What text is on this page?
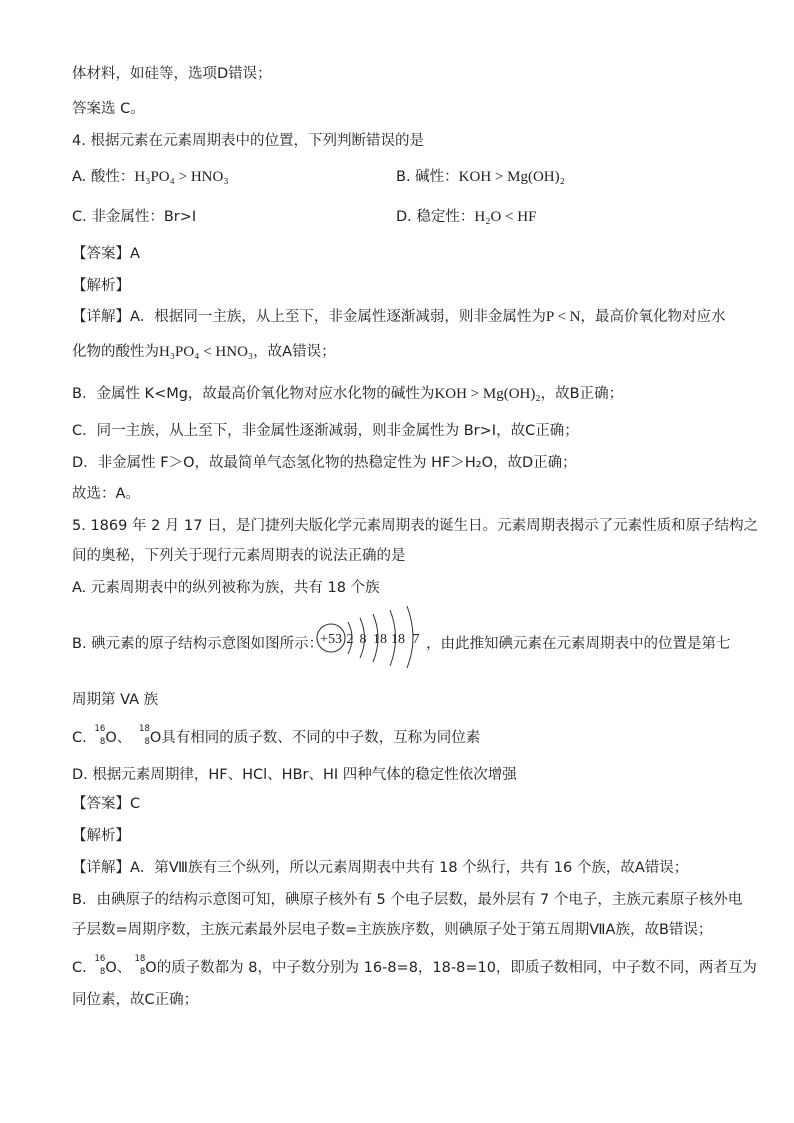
体材料，如硅等，选项D错误；
答案选 C。
4. 根据元素在元素周期表中的位置，下列判断错误的是
A. 酸性：H₃PO₄ > HNO₃	B. 碱性：KOH > Mg(OH)₂
C. 非金属性：Br>I	D. 稳定性：H₂O < HF
【答案】A
【解析】
【详解】A．根据同一主族，从上至下，非金属性逐渐减弱，则非金属性为P < N，最高价氧化物对应水
化物的酸性为H₃PO₄ < HNO₃，故A错误；
B．金属性 K<Mg，故最高价氧化物对应水化物的碱性为KOH > Mg(OH)₂，故B正确；
C．同一主族，从上至下，非金属性逐渐减弱，则非金属性为 Br>I，故C正确；
D．非金属性 F＞O，故最简单气态氢化物的热稳定性为 HF＞H₂O，故D正确；
故选：A。
5. 1869 年 2 月 17 日，是门捷列夫版化学元素周期表的诞生日。元素周期表揭示了元素性质和原子结构之
间的奥秘，下列关于现行元素周期表的说法正确的是
A. 元素周期表中的纵列被称为族，共有 18 个族
B. 碘元素的原子结构示意图如图所示：	，由此推知碘元素在元素周期表中的位置是第七
+53 2 8 18 18 7
周期第 VA 族
C.
16
8 O、
18
8 O具有相同的质子数、不同的中子数，互称为同位素
D. 根据元素周期律，HF、HCl、HBr、HI 四种气体的稳定性依次增强
【答案】C
【解析】
【详解】A．第Ⅷ族有三个纵列，所以元素周期表中共有 18 个纵行，共有 16 个族，故A错误；
B．由碘原子的结构示意图可知，碘原子核外有 5 个电子层数，最外层有 7 个电子，主族元素原子核外电
子层数=周期序数，主族元素最外层电子数=主族族序数，则碘原子处于第五周期ⅦA族，故B错误；
C.
16
8 O、
18
8 O的质子数都为 8，中子数分别为 16-8=8，18-8=10，即质子数相同，中子数不同，两者互为
同位素，故C正确；
